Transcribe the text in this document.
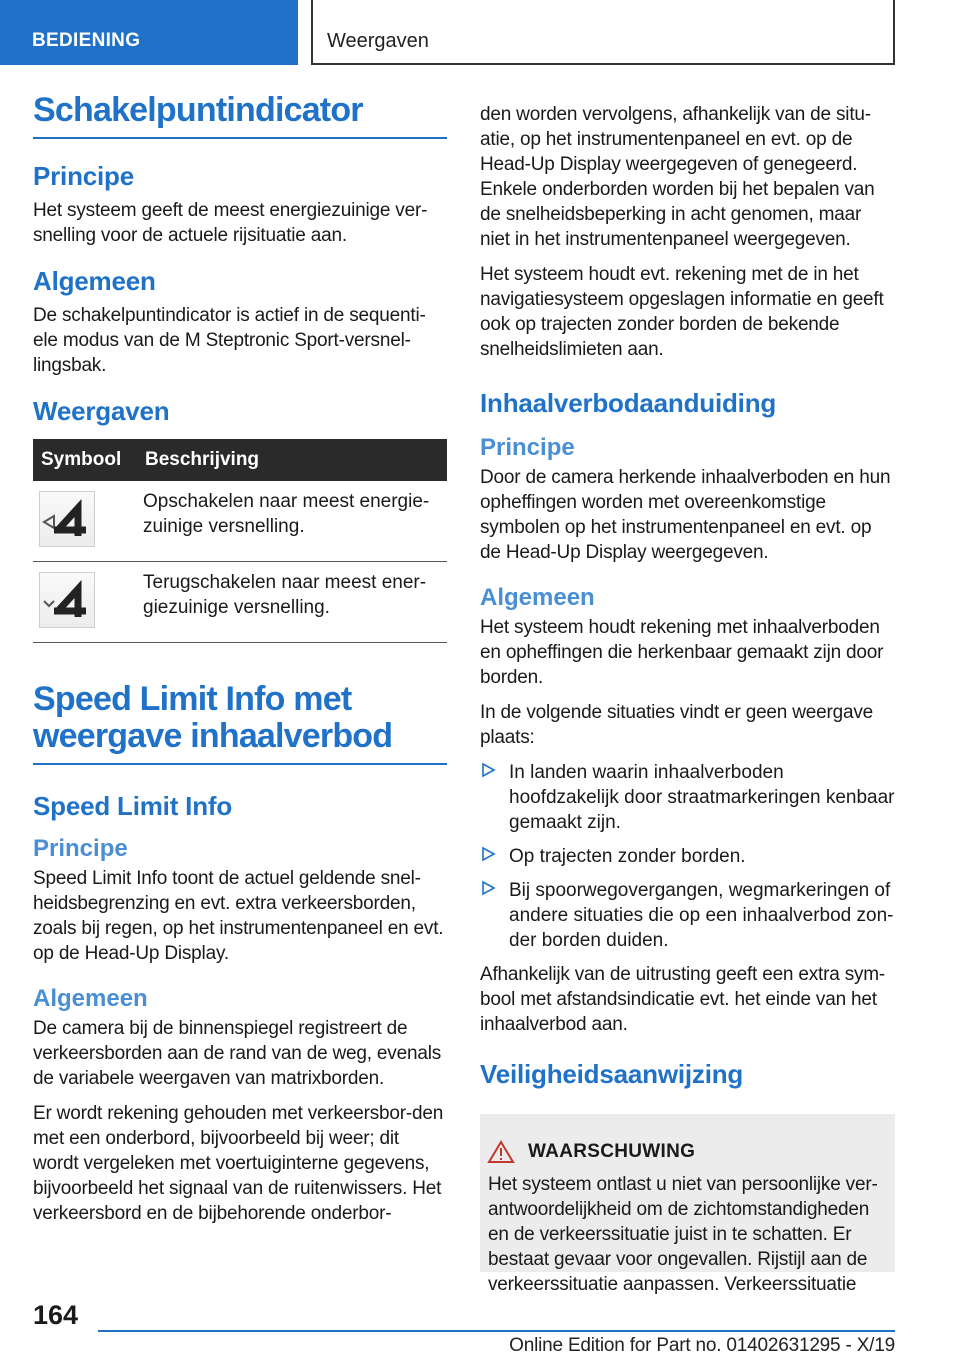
BEDIENING	Weergaven
Schakelpuntindicator
Principe
Het systeem geeft de meest energiezuinige ver-snelling voor de actuele rijsituatie aan.
Algemeen
De schakelpuntindicator is actief in de sequenti-ele modus van de M Steptronic Sport-versnel-lingsbak.
Weergaven
Symbool	Beschrijving

	Opschakelen naar meest energie-zuinige versnelling.

	Terugschakelen naar meest ener-giezuinige versnelling.
Speed Limit Info met weergave inhaalverbod
Speed Limit Info
Principe
Speed Limit Info toont de actuel geldende snel-heidsbegrenzing en evt. extra verkeersborden, zoals bij regen, op het instrumentenpaneel en evt. op de Head-Up Display.
Algemeen
De camera bij de binnenspiegel registreert de verkeersborden aan de rand van de weg, evenals de variabele weergaven van matrixborden.
Er wordt rekening gehouden met verkeersbor-den met een onderbord, bijvoorbeeld bij weer; dit wordt vergeleken met voertuiginterne gegevens, bijvoorbeeld het signaal van de ruitenwissers. Het verkeersbord en de bijbehorende onderbor-
den worden vervolgens, afhankelijk van de situ-atie, op het instrumentenpaneel en evt. op de Head-Up Display weergegeven of genegeerd. Enkele onderborden worden bij het bepalen van de snelheidsbeperking in acht genomen, maar niet in het instrumentenpaneel weergegeven.
Het systeem houdt evt. rekening met de in het navigatiesysteem opgeslagen informatie en geeft ook op trajecten zonder borden de bekende snelheidslimieten aan.
Inhaalverbodaanduiding
Principe
Door de camera herkende inhaalverboden en hun opheffingen worden met overeenkomstige symbolen op het instrumentenpaneel en evt. op de Head-Up Display weergegeven.
Algemeen
Het systeem houdt rekening met inhaalverboden en opheffingen die herkenbaar gemaakt zijn door borden.
In de volgende situaties vindt er geen weergave plaats:
In landen waarin inhaalverboden hoofdzakelijk door straatmarkeringen kenbaar gemaakt zijn.
Op trajecten zonder borden.
Bij spoorwegovergangen, wegmarkeringen of andere situaties die op een inhaalverbod zon-der borden duiden.
Afhankelijk van de uitrusting geeft een extra sym-bool met afstandsindicatie evt. het einde van het inhaalverbod aan.
Veiligheidsaanwijzing
WAARSCHUWING
Het systeem ontlast u niet van persoonlijke ver-antwoordelijkheid om de zichtomstandigheden en de verkeerssituatie juist in te schatten. Er bestaat gevaar voor ongevallen. Rijstijl aan de verkeerssituatie aanpassen. Verkeerssituatie
164
Online Edition for Part no. 01402631295 - X/19
